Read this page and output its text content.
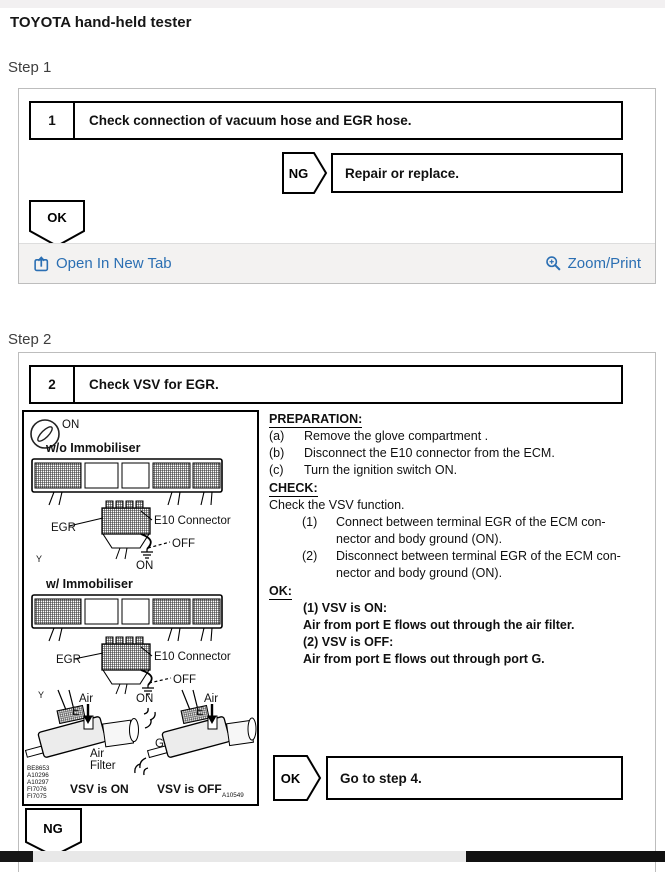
TOYOTA hand-held tester
Step 1
Step 2
1	Check connection of vacuum hose and EGR hose.
NG	Repair or replace.
OK
Open In New Tab	Zoom/Print
2	Check VSV for EGR.
ON
w/o Immobiliser
EGR
E10 Connector
OFF
ON
Y
w/ Immobiliser
EGR	E10 Connector
OFF
ON
Y	Air
E
Air
Filter
VSV is ON
Air
E
G
VSV is OFF
BE8653
A10296
A10297
FI7076
FI7075	A10549
PREPARATION:
(a)	Remove the glove compartment .
(b)	Disconnect the E10 connector from the ECM.
(c)	Turn the ignition switch ON.
CHECK:
Check the VSV function.
(1)	Connect between terminal EGR of the ECM con-
nector and body ground (ON).
(2)	Disconnect between terminal EGR of the ECM con-
nector and body ground (ON).
OK:
(1) VSV is ON:
Air from port E flows out through the air filter.
(2) VSV is OFF:
Air from port E flows out through port G.
OK	Go to step 4.
NG
